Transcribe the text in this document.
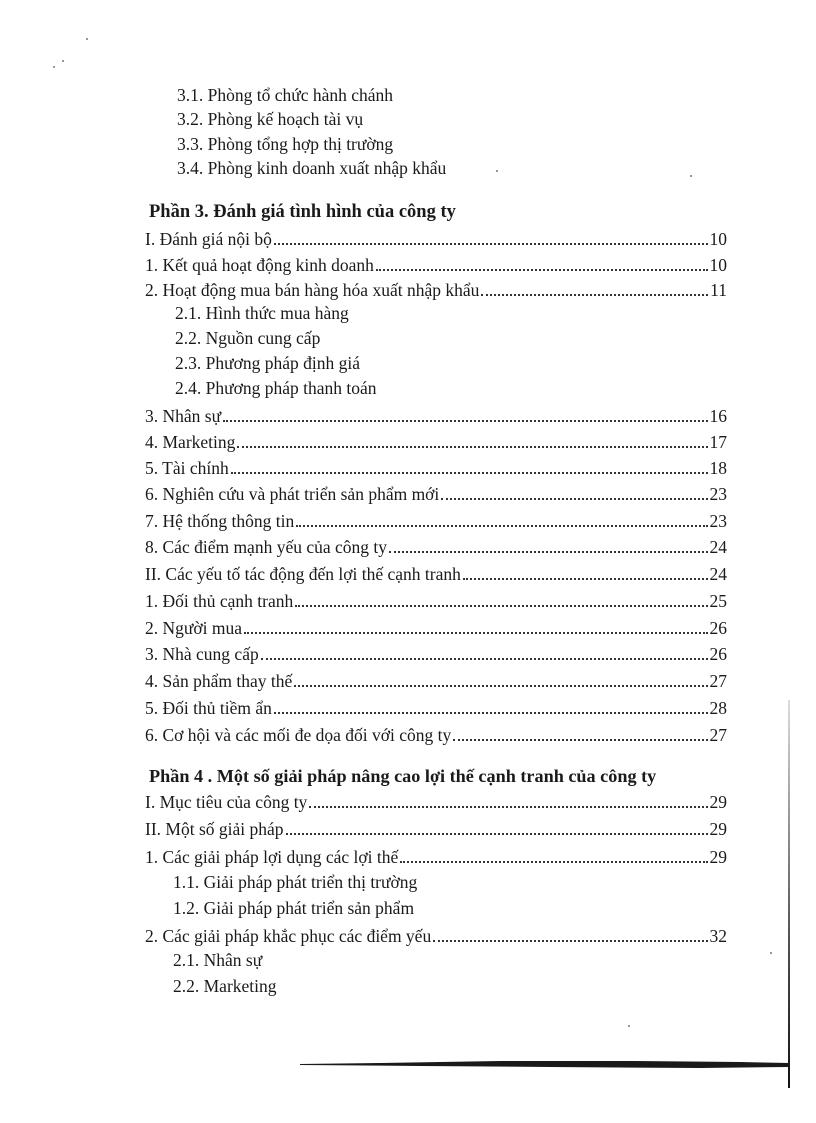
3.1. Phòng tổ chức hành chánh
3.2. Phòng kế hoạch tài vụ
3.3. Phòng tổng hợp thị trường
3.4. Phòng kinh doanh xuất nhập khẩu
Phần 3. Đánh giá tình hình của công ty
I. Đánh giá nội bộ	10
1. Kết quả hoạt động kinh doanh	10
2. Hoạt động mua bán hàng hóa xuất nhập khẩu	11
2.1. Hình thức mua hàng
2.2. Nguồn cung cấp
2.3. Phương pháp định giá
2.4. Phương pháp thanh toán
3. Nhân sự	16
4. Marketing	17
5. Tài chính	18
6. Nghiên cứu và phát triển sản phẩm mới	23
7. Hệ thống thông tin	23
8. Các điểm mạnh yếu của công ty	24
II. Các yếu tố tác động đến lợi thế cạnh tranh	24
1. Đối thủ cạnh tranh	25
2. Người mua	26
3. Nhà cung cấp	26
4. Sản phẩm thay thế	27
5. Đối thủ tiềm ẩn	28
6. Cơ hội và các mối đe dọa đối với công ty	27
Phần 4 . Một số giải pháp nâng cao lợi thế cạnh tranh của công ty
I. Mục tiêu của công ty	29
II. Một số giải pháp	29
1. Các giải pháp lợi dụng các lợi thế	29
1.1. Giải pháp phát triển thị trường
1.2. Giải pháp phát triển sản phẩm
2. Các giải pháp khắc phục các điểm yếu	32
2.1. Nhân sự
2.2. Marketing
